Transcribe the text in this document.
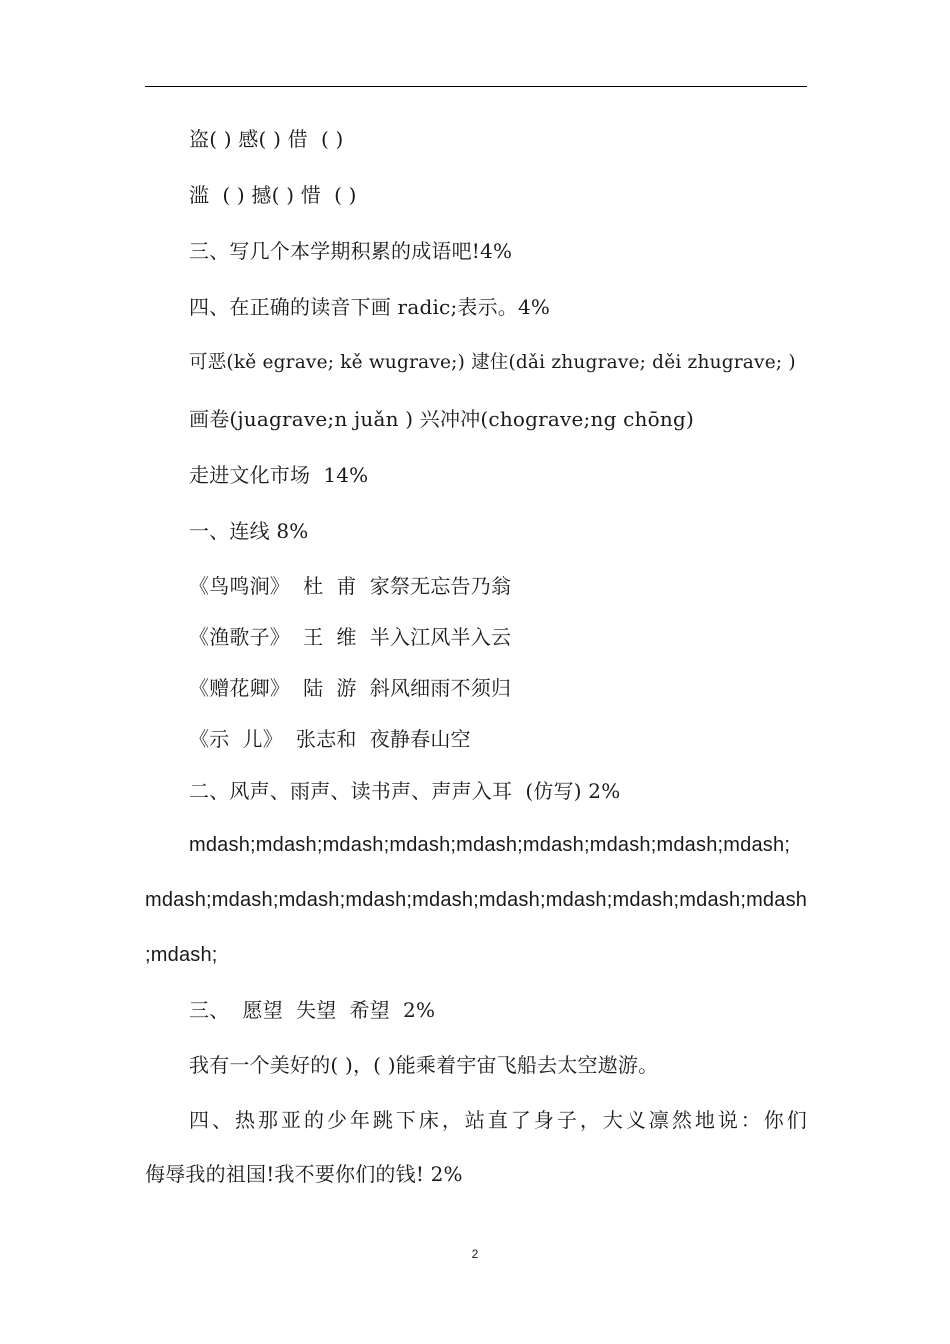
盗( ) 感( ) 借  ( )
滥  ( ) 撼( ) 惜  ( )
三、写几个本学期积累的成语吧!4%
四、在正确的读音下画 radic;表示。4%
可恶(kě egrave; kě wugrave;) 逮住(dǎi zhugrave; děi zhugrave; )
画卷(juagrave;n juǎn ) 兴冲冲(chograve;ng chōng)
走进文化市场  14%
一、连线 8%
《鸟鸣涧》  杜  甫  家祭无忘告乃翁
《渔歌子》  王  维  半入江风半入云
《赠花卿》  陆  游  斜风细雨不须归
《示  儿》  张志和  夜静春山空
二、风声、雨声、读书声、声声入耳  (仿写) 2%
mdash;mdash;mdash;mdash;mdash;mdash;mdash;mdash;mdash;
mdash;mdash;mdash;mdash;mdash;mdash;mdash;mdash;mdash;mdash
;mdash;
三、  愿望  失望  希望  2%
我有一个美好的( )，( )能乘着宇宙飞船去太空遨游。
四、热那亚的少年跳下床，站直了身子，大义凛然地说：你们
侮辱我的祖国!我不要你们的钱! 2%
2
